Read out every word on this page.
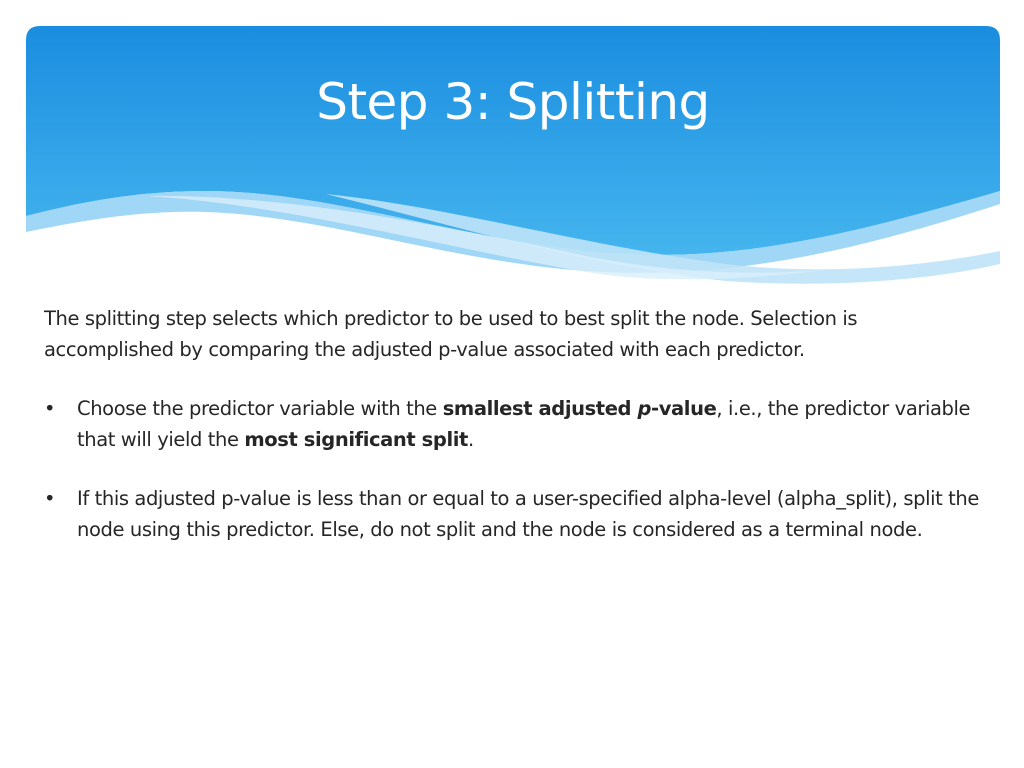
Step 3: Splitting

The splitting step selects which predictor to be used to best split the node. Selection is accomplished by comparing the adjusted p-value associated with each predictor.

• Choose the predictor variable with the smallest adjusted p-value, i.e., the predictor variable that will yield the most significant split.
• If this adjusted p-value is less than or equal to a user-specified alpha-level (alpha_split), split the node using this predictor. Else, do not split and the node is considered as a terminal node.
